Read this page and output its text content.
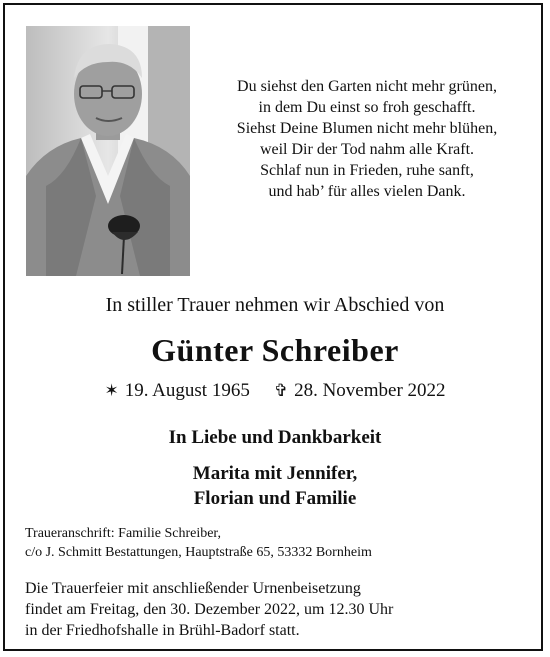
Du siehst den Garten nicht mehr grünen,
in dem Du einst so froh geschafft.
Siehst Deine Blumen nicht mehr blühen,
weil Dir der Tod nahm alle Kraft.
Schlaf nun in Frieden, ruhe sanft,
und hab’ für alles vielen Dank.
In stiller Trauer nehmen wir Abschied von
Günter Schreiber
✶ 19. August 1965 ✞ 28. November 2022
In Liebe und Dankbarkeit
Marita mit Jennifer,
Florian und Familie
Traueranschrift: Familie Schreiber,
c/o J. Schmitt Bestattungen, Hauptstraße 65, 53332 Bornheim
Die Trauerfeier mit anschließender Urnenbeisetzung
findet am Freitag, den 30. Dezember 2022, um 12.30 Uhr
in der Friedhofshalle in Brühl-Badorf statt.
